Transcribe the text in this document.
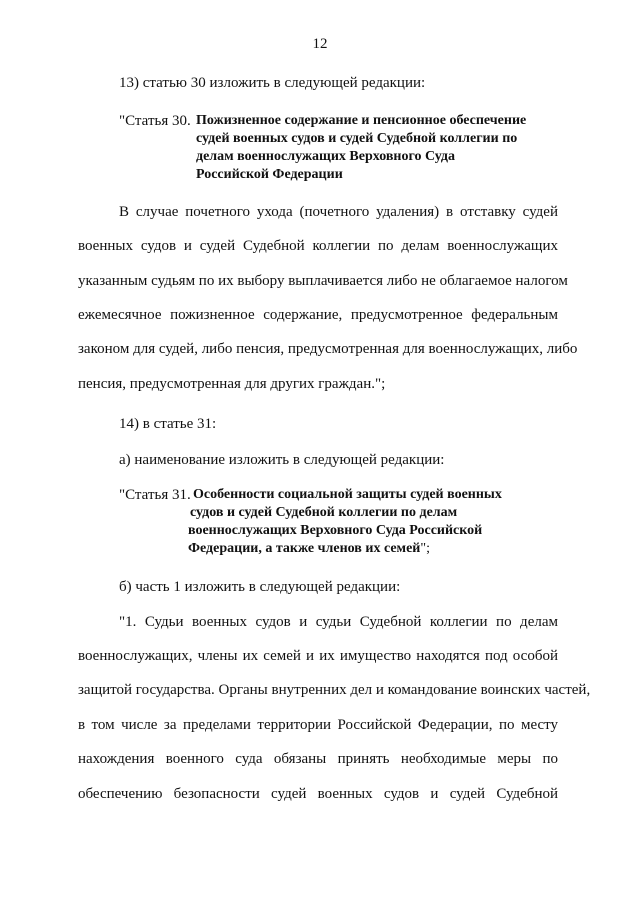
12
13) статью 30 изложить в следующей редакции:
"Статья 30. Пожизненное содержание и пенсионное обеспечение
судей военных судов и судей Судебной коллегии по
делам военнослужащих Верховного Суда
Российской Федерации
В случае почетного ухода (почетного удаления) в отставку судей
военных судов и судей Судебной коллегии по делам военнослужащих
указанным судьям по их выбору выплачивается либо не облагаемое налогом
ежемесячное пожизненное содержание, предусмотренное федеральным
законом для судей, либо пенсия, предусмотренная для военнослужащих, либо
пенсия, предусмотренная для других граждан.";
14) в статье 31:
а) наименование изложить в следующей редакции:
"Статья 31. Особенности социальной защиты судей военных
судов и судей Судебной коллегии по делам
военнослужащих Верховного Суда Российской
Федерации, а также членов их семей";
б) часть 1 изложить в следующей редакции:
"1. Судьи военных судов и судьи Судебной коллегии по делам
военнослужащих, члены их семей и их имущество находятся под особой
защитой государства. Органы внутренних дел и командование воинских частей,
в том числе за пределами территории Российской Федерации, по месту
нахождения военного суда обязаны принять необходимые меры по
обеспечению безопасности судей военных судов и судей Судебной
